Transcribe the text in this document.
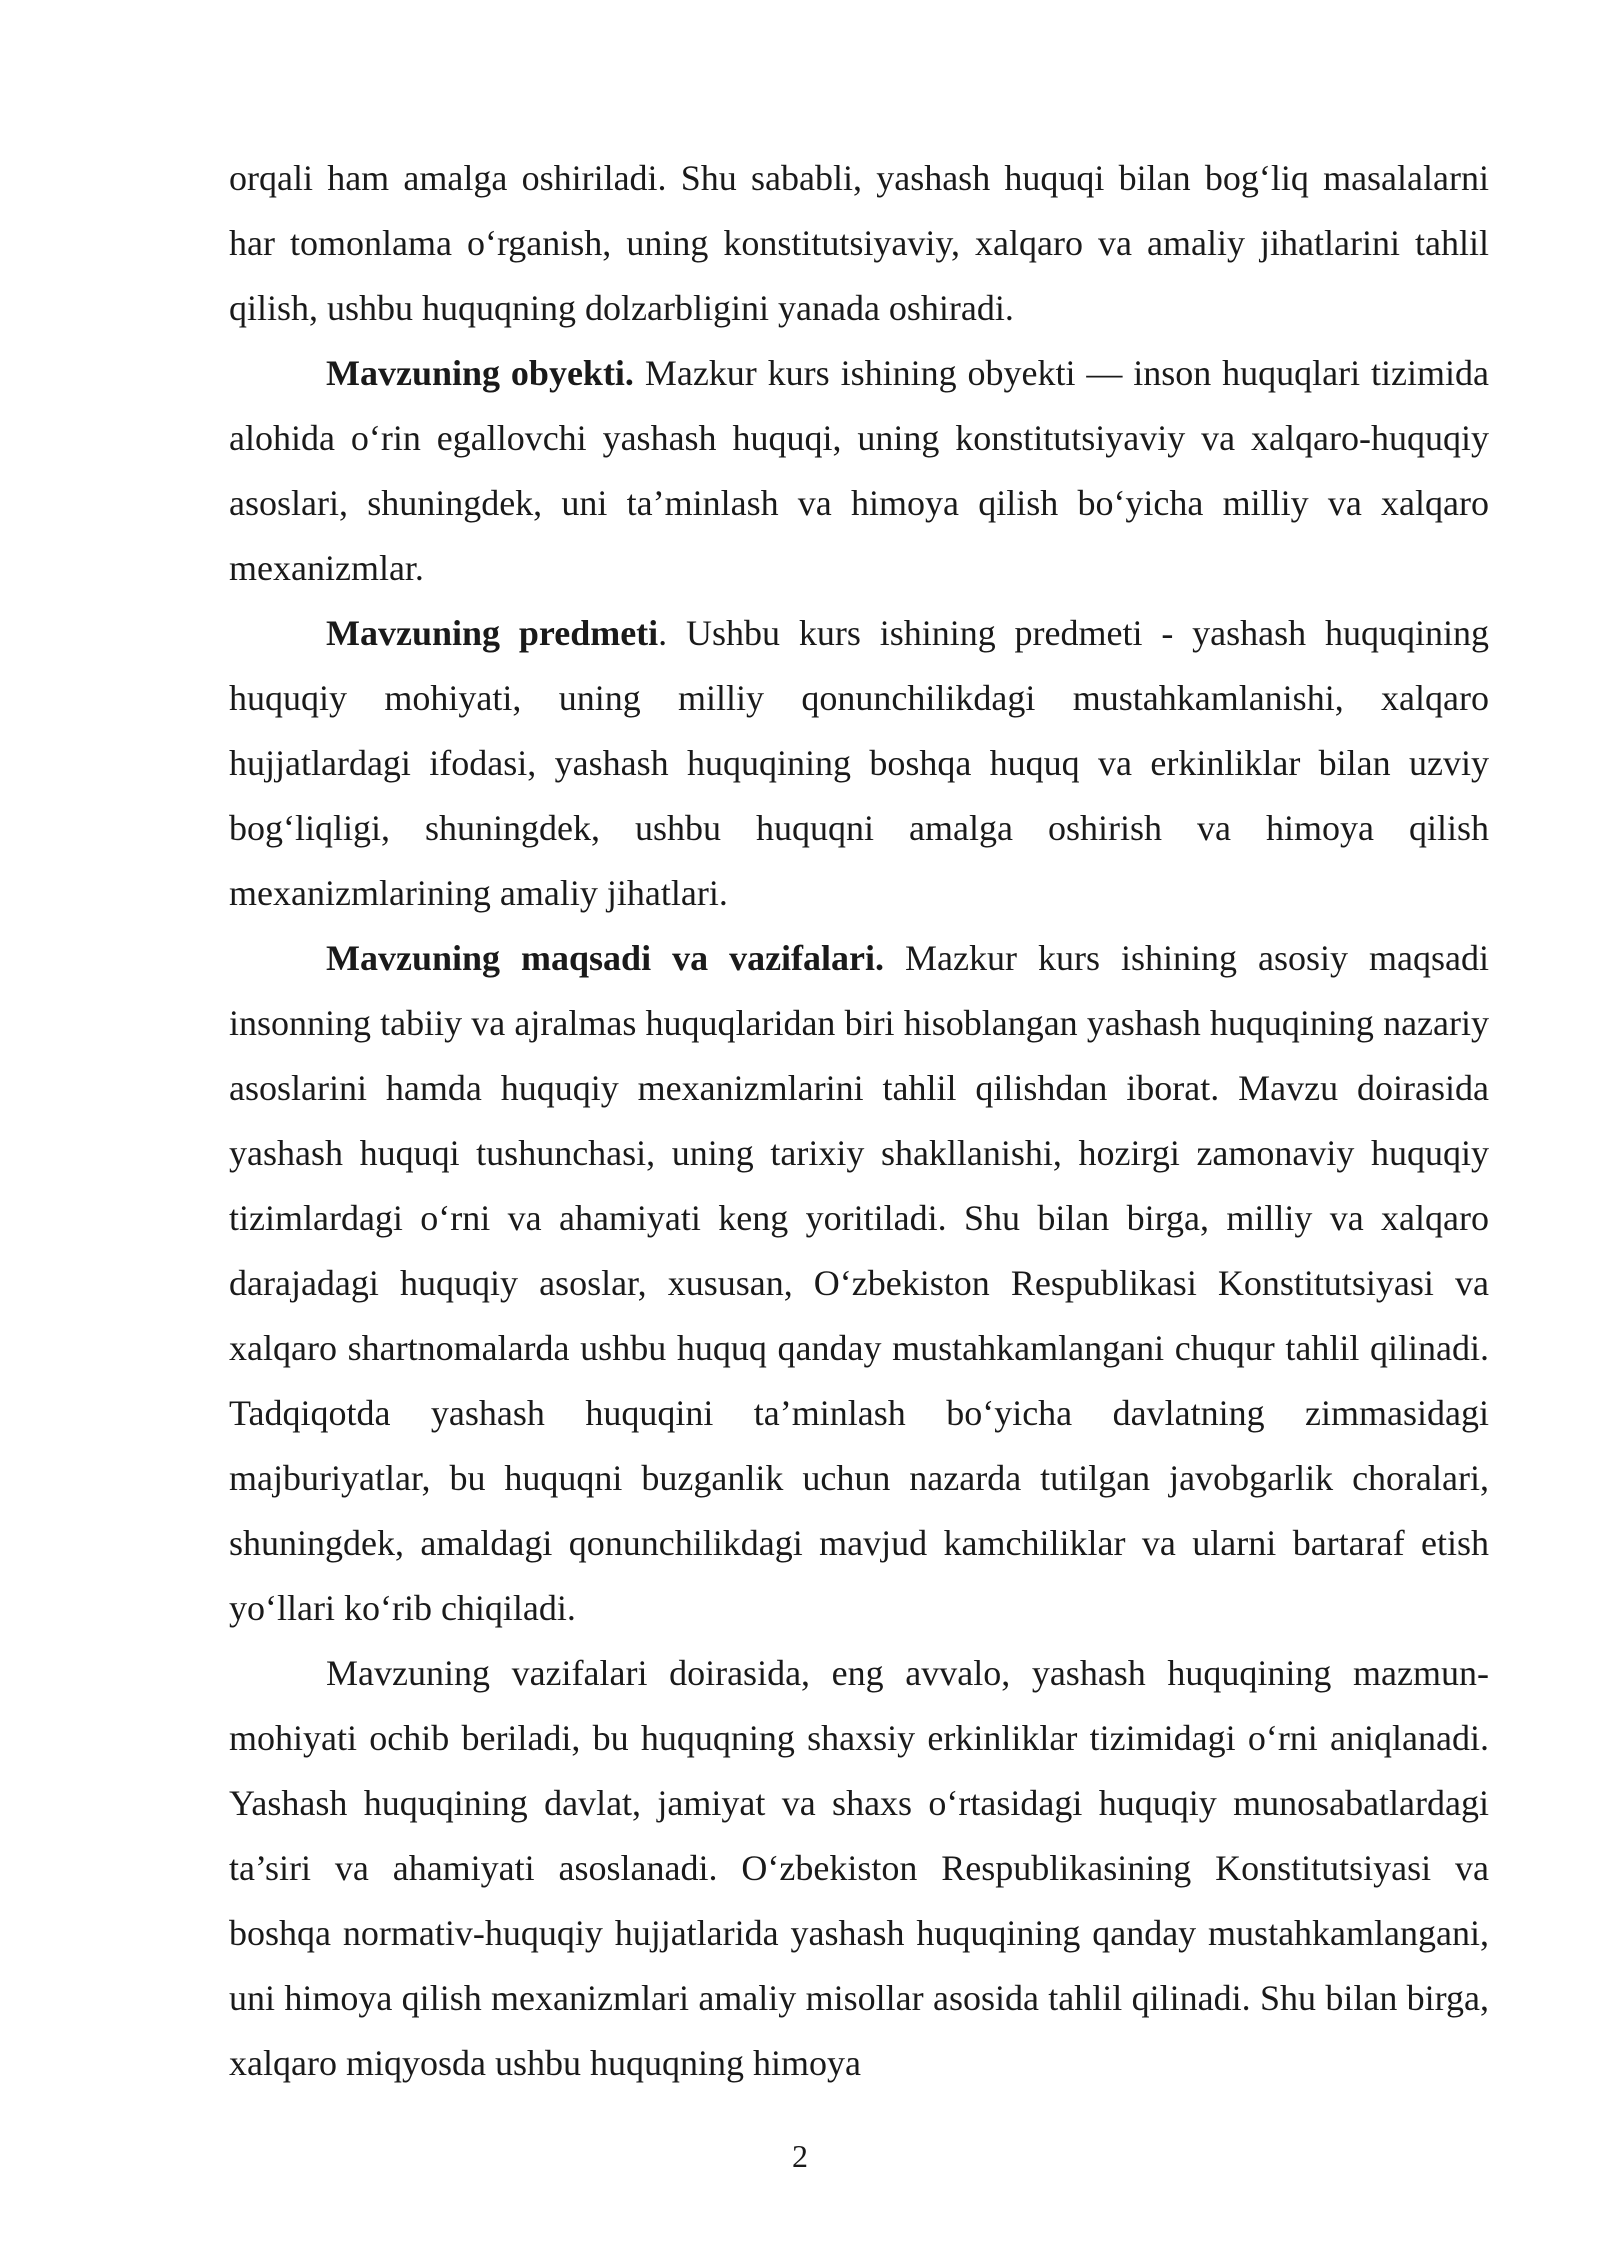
orqali ham amalga oshiriladi. Shu sababli, yashash huquqi bilan bog‘liq masalalarni har tomonlama o‘rganish, uning konstitutsiyaviy, xalqaro va amaliy jihatlarini tahlil qilish, ushbu huquqning dolzarbligini yanada oshiradi.

Mavzuning obyekti. Mazkur kurs ishining obyekti — inson huquqlari tizimida alohida o‘rin egallovchi yashash huquqi, uning konstitutsiyaviy va xalqaro-huquqiy asoslari, shuningdek, uni ta’minlash va himoya qilish bo‘yicha milliy va xalqaro mexanizmlar.

Mavzuning predmeti. Ushbu kurs ishining predmeti - yashash huquqining huquqiy mohiyati, uning milliy qonunchilikdagi mustahkamlanishi, xalqaro hujjatlardagi ifodasi, yashash huquqining boshqa huquq va erkinliklar bilan uzviy bog‘liqligi, shuningdek, ushbu huquqni amalga oshirish va himoya qilish mexanizmlarining amaliy jihatlari.

Mavzuning maqsadi va vazifalari. Mazkur kurs ishining asosiy maqsadi insonning tabiiy va ajralmas huquqlaridan biri hisoblangan yashash huquqining nazariy asoslarini hamda huquqiy mexanizmlarini tahlil qilishdan iborat. Mavzu doirasida yashash huquqi tushunchasi, uning tarixiy shakllanishi, hozirgi zamonaviy huquqiy tizimlardagi o‘rni va ahamiyati keng yoritiladi. Shu bilan birga, milliy va xalqaro darajadagi huquqiy asoslar, xususan, O‘zbekiston Respublikasi Konstitutsiyasi va xalqaro shartnomalarda ushbu huquq qanday mustahkamlangani chuqur tahlil qilinadi. Tadqiqotda yashash huquqini ta’minlash bo‘yicha davlatning zimmasidagi majburiyatlar, bu huquqni buzganlik uchun nazarda tutilgan javobgarlik choralari, shuningdek, amaldagi qonunchilikdagi mavjud kamchiliklar va ularni bartaraf etish yo‘llari ko‘rib chiqiladi.

Mavzuning vazifalari doirasida, eng avvalo, yashash huquqining mazmun-mohiyati ochib beriladi, bu huquqning shaxsiy erkinliklar tizimidagi o‘rni aniqlanadi. Yashash huquqining davlat, jamiyat va shaxs o‘rtasidagi huquqiy munosabatlardagi ta’siri va ahamiyati asoslanadi. O‘zbekiston Respublikasining Konstitutsiyasi va boshqa normativ-huquqiy hujjatlarida yashash huquqining qanday mustahkamlangani, uni himoya qilish mexanizmlari amaliy misollar asosida tahlil qilinadi. Shu bilan birga, xalqaro miqyosda ushbu huquqning himoya

2
